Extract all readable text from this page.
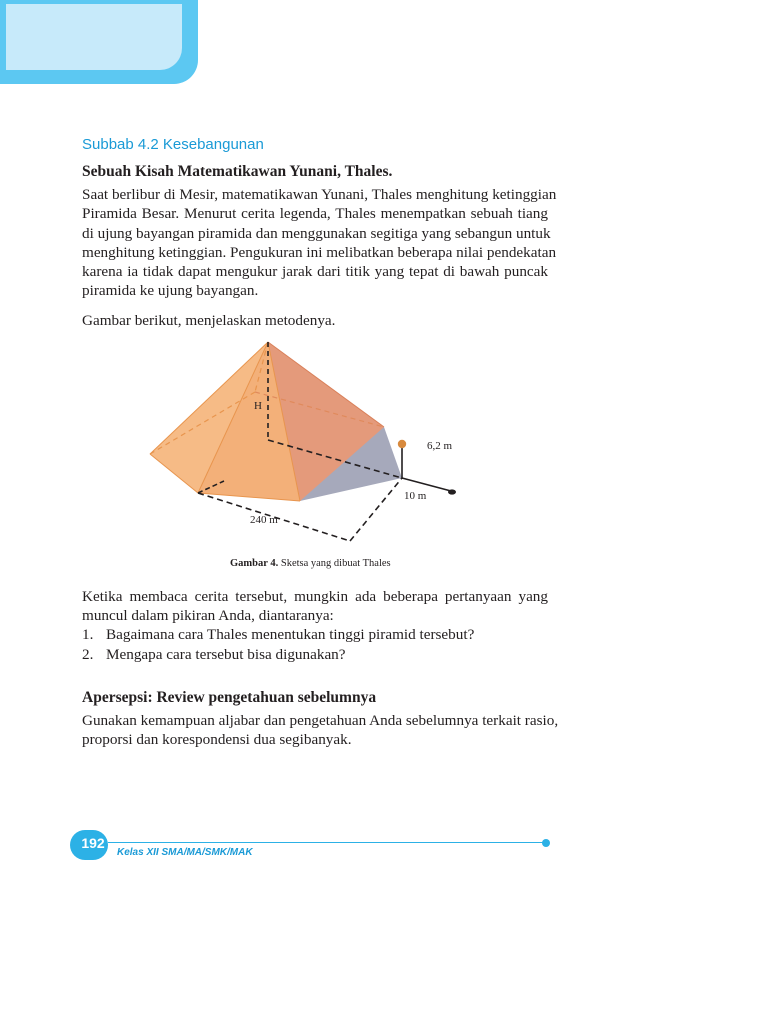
Subbab 4.2 Kesebangunan
Sebuah Kisah Matematikawan Yunani, Thales.
Saat berlibur di Mesir, matematikawan Yunani, Thales menghitung ketinggian
Piramida Besar. Menurut cerita legenda, Thales menempatkan sebuah tiang
di ujung bayangan piramida dan menggunakan segitiga yang sebangun untuk
menghitung ketinggian. Pengukuran ini melibatkan beberapa nilai pendekatan
karena ia tidak dapat mengukur jarak dari titik yang tepat di bawah puncak
piramida ke ujung bayangan.
Gambar berikut, menjelaskan metodenya.
H
6,2 m
10 m
240 m
Gambar 4. Sketsa yang dibuat Thales
Ketika membaca cerita tersebut, mungkin ada beberapa pertanyaan yang
muncul dalam pikiran Anda, diantaranya:
1. Bagaimana cara Thales menentukan tinggi piramid tersebut?
2. Mengapa cara tersebut bisa digunakan?
Apersepsi: Review pengetahuan sebelumnya
Gunakan kemampuan aljabar dan pengetahuan Anda sebelumnya terkait rasio,
proporsi dan korespondensi dua segibanyak.
192
Kelas XII SMA/MA/SMK/MAK
